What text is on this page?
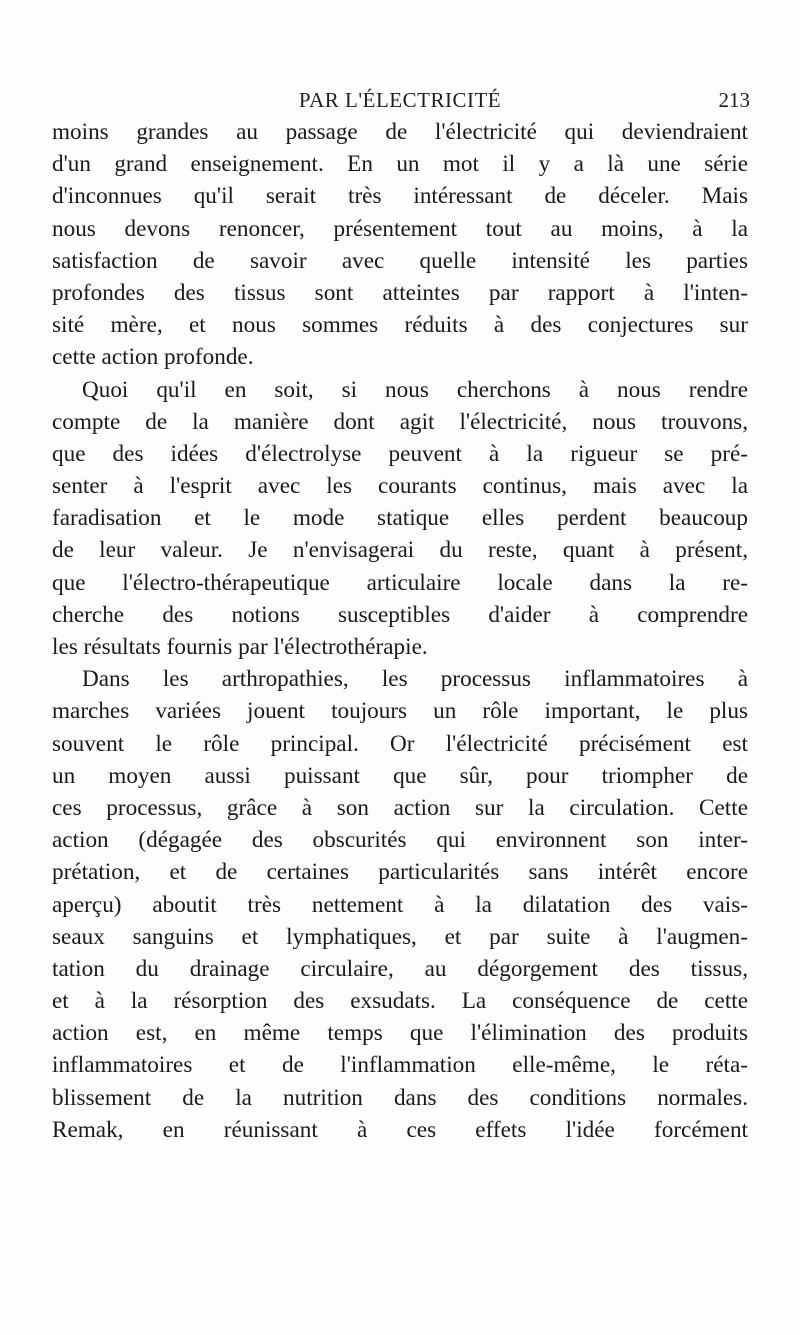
PAR L'ÉLECTRICITÉ	213
moins grandes au passage de l'électricité qui deviendraient
d'un grand enseignement. En un mot il y a là une série
d'inconnues qu'il serait très intéressant de déceler. Mais
nous devons renoncer, présentement tout au moins, à la
satisfaction de savoir avec quelle intensité les parties
profondes des tissus sont atteintes par rapport à l'inten-
sité mère, et nous sommes réduits à des conjectures sur
cette action profonde.
Quoi qu'il en soit, si nous cherchons à nous rendre
compte de la manière dont agit l'électricité, nous trouvons,
que des idées d'électrolyse peuvent à la rigueur se pré-
senter à l'esprit avec les courants continus, mais avec la
faradisation et le mode statique elles perdent beaucoup
de leur valeur. Je n'envisagerai du reste, quant à présent,
que l'électro-thérapeutique articulaire locale dans la re-
cherche des notions susceptibles d'aider à comprendre
les résultats fournis par l'électrothérapie.
Dans les arthropathies, les processus inflammatoires à
marches variées jouent toujours un rôle important, le plus
souvent le rôle principal. Or l'électricité précisément est
un moyen aussi puissant que sûr, pour triompher de
ces processus, grâce à son action sur la circulation. Cette
action (dégagée des obscurités qui environnent son inter-
prétation, et de certaines particularités sans intérêt encore
aperçu) aboutit très nettement à la dilatation des vais-
seaux sanguins et lymphatiques, et par suite à l'augmen-
tation du drainage circulaire, au dégorgement des tissus,
et à la résorption des exsudats. La conséquence de cette
action est, en même temps que l'élimination des produits
inflammatoires et de l'inflammation elle-même, le réta-
blissement de la nutrition dans des conditions normales.
Remak, en réunissant à ces effets l'idée forcément
